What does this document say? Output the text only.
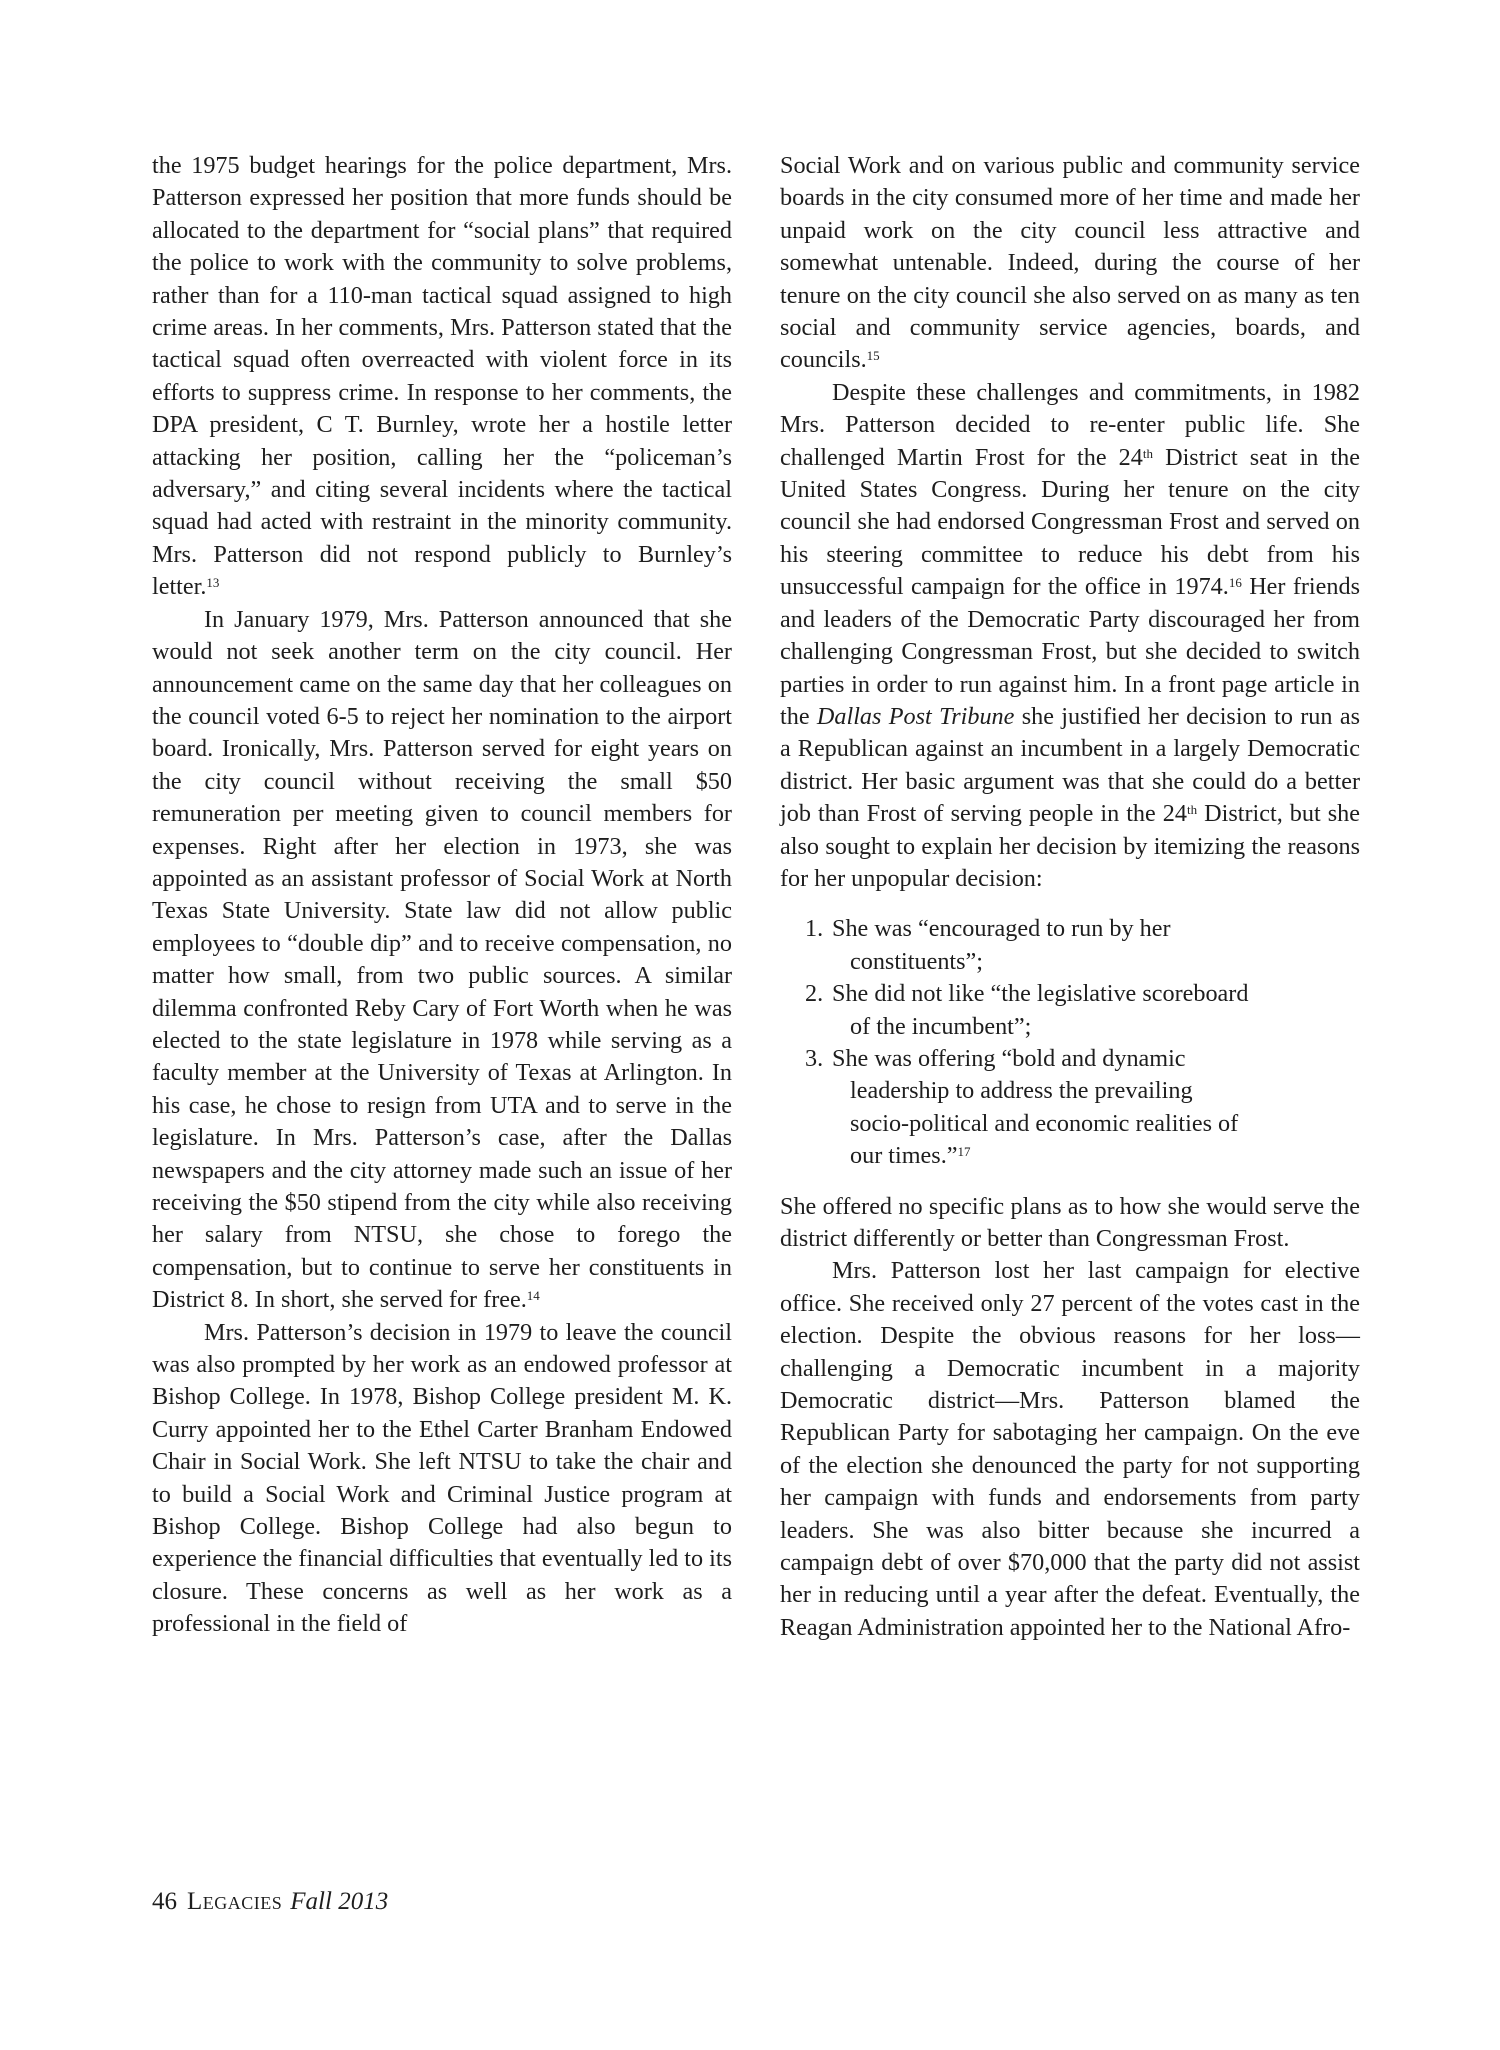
the 1975 budget hearings for the police department, Mrs. Patterson expressed her position that more funds should be allocated to the department for “social plans” that required the police to work with the community to solve problems, rather than for a 110-man tactical squad assigned to high crime areas. In her comments, Mrs. Patterson stated that the tactical squad often overreacted with violent force in its efforts to suppress crime. In response to her comments, the DPA president, C T. Burnley, wrote her a hostile letter attacking her position, calling her the “policeman’s adversary,” and citing several incidents where the tactical squad had acted with restraint in the minority community. Mrs. Patterson did not respond publicly to Burnley’s letter.$^{13}$

In January 1979, Mrs. Patterson announced that she would not seek another term on the city council. Her announcement came on the same day that her colleagues on the council voted 6-5 to reject her nomination to the airport board. Ironically, Mrs. Patterson served for eight years on the city council without receiving the small $50 remuneration per meeting given to council members for expenses. Right after her election in 1973, she was appointed as an assistant professor of Social Work at North Texas State University. State law did not allow public employees to “double dip” and to receive compensation, no matter how small, from two public sources. A similar dilemma confronted Reby Cary of Fort Worth when he was elected to the state legislature in 1978 while serving as a faculty member at the University of Texas at Arlington. In his case, he chose to resign from UTA and to serve in the legislature. In Mrs. Patterson’s case, after the Dallas newspapers and the city attorney made such an issue of her receiving the $50 stipend from the city while also receiving her salary from NTSU, she chose to forego the compensation, but to continue to serve her constituents in District 8. In short, she served for free.$^{14}$

Mrs. Patterson’s decision in 1979 to leave the council was also prompted by her work as an endowed professor at Bishop College. In 1978, Bishop College president M. K. Curry appointed her to the Ethel Carter Branham Endowed Chair in Social Work. She left NTSU to take the chair and to build a Social Work and Criminal Justice program at Bishop College. Bishop College had also begun to experience the financial difficulties that eventually led to its closure. These concerns as well as her work as a professional in the field of

Social Work and on various public and community service boards in the city consumed more of her time and made her unpaid work on the city council less attractive and somewhat untenable. Indeed, during the course of her tenure on the city council she also served on as many as ten social and community service agencies, boards, and councils.$^{15}$

Despite these challenges and commitments, in 1982 Mrs. Patterson decided to re-enter public life. She challenged Martin Frost for the 24th District seat in the United States Congress. During her tenure on the city council she had endorsed Congressman Frost and served on his steering committee to reduce his debt from his unsuccessful campaign for the office in 1974.16 Her friends and leaders of the Democratic Party discouraged her from challenging Congressman Frost, but she decided to switch parties in order to run against him. In a front page article in the Dallas Post Tribune she justified her decision to run as a Republican against an incumbent in a largely Democratic district. Her basic argument was that she could do a better job than Frost of serving people in the 24th District, but she also sought to explain her decision by itemizing the reasons for her unpopular decision:

1. She was “encouraged to run by her
constituents”;
2. She did not like “the legislative scoreboard
of the incumbent”;
3. She was offering “bold and dynamic
leadership to address the prevailing
socio-political and economic realities of
our times.”$^{17}$

She offered no specific plans as to how she would serve the district differently or better than Congressman Frost.

Mrs. Patterson lost her last campaign for elective office. She received only 27 percent of the votes cast in the election. Despite the obvious reasons for her loss—challenging a Democratic incumbent in a majority Democratic district—Mrs. Patterson blamed the Republican Party for sabotaging her campaign. On the eve of the election she denounced the party for not supporting her campaign with funds and endorsements from party leaders. She was also bitter because she incurred a campaign debt of over $70,000 that the party did not assist her in reducing until a year after the defeat. Eventually, the Reagan Administration appointed her to the National Afro-

46 Legacies Fall 2013
